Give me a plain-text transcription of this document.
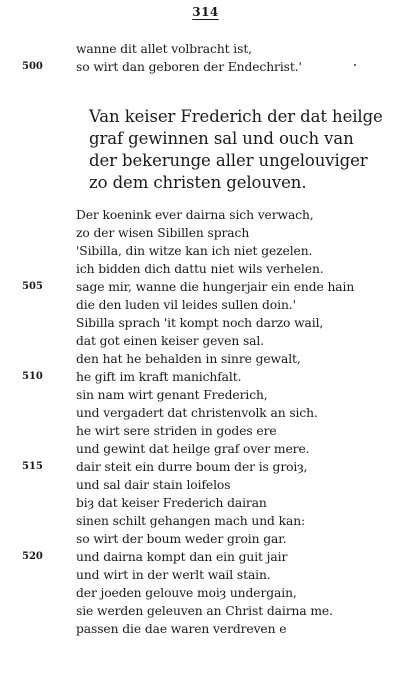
314
wanne dit allet volbracht ist,
500	so wirt dan geboren der Endechrist.'
Van keiser Frederich der dat heilge
graf gewinnen sal und ouch van
der bekerunge aller ungelouviger
zo dem christen gelouven.
Der koenink ever dairna sich verwach,
zo der wisen Sibillen sprach
'Sibilla, din witze kan ich niet gezelen.
ich bidden dich dattu niet wils verhelen.
505	sage mir, wanne die hungerjair ein ende hain
die den luden vil leides sullen doin.'
Sibilla sprach 'it kompt noch darzo wail,
dat got einen keiser geven sal.
den hat he behalden in sinre gewalt,
510	he gift im kraft manichfalt.
sin nam wirt genant Frederich,
und vergadert dat christenvolk an sich.
he wirt sere striden in godes ere
und gewint dat heilge graf over mere.
515	dair steit ein durre boum der is groiȝ,
und sal dair stain loifelos
biȝ dat keiser Frederich dairan
sinen schilt gehangen mach und kan:
so wirt der boum weder groin gar.
520	und dairna kompt dan ein guit jair
und wirt in der werlt wail stain.
der joeden gelouve moiȝ undergain,
sie werden geleuven an Christ dairna me.
passen die dae waren verdreven e
